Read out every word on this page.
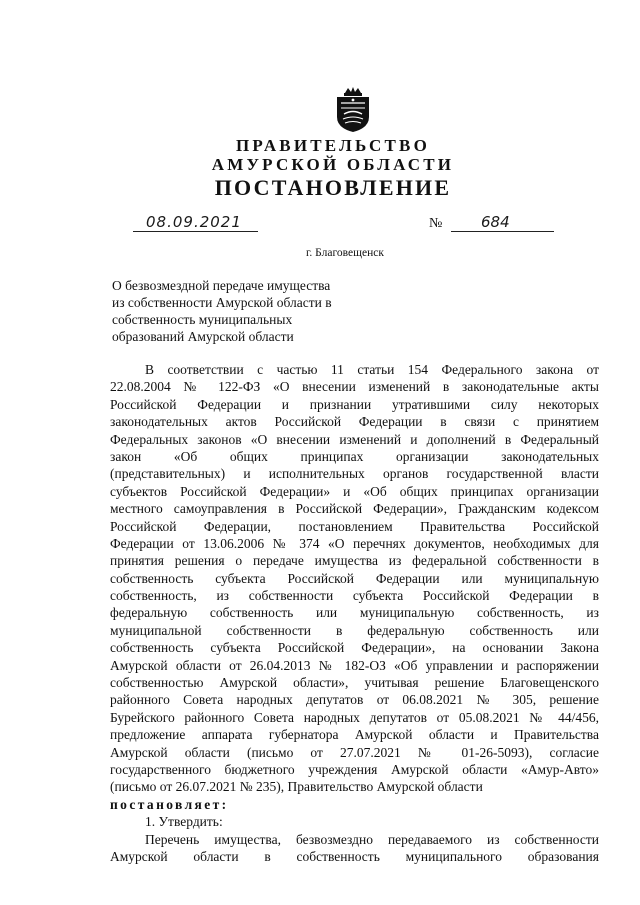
ПРАВИТЕЛЬСТВО
АМУРСКОЙ ОБЛАСТИ
ПОСТАНОВЛЕНИЕ
08.09.2021	№	684
г. Благовещенск
О безвозмездной передаче имущества
из собственности Амурской области в
собственность муниципальных
образований Амурской области
В соответствии с частью 11 статьи 154 Федерального закона от
22.08.2004 № 122-ФЗ «О внесении изменений в законодательные акты
Российской Федерации и признании утратившими силу некоторых
законодательных актов Российской Федерации в связи с принятием
Федеральных законов «О внесении изменений и дополнений в Федеральный
закон «Об общих принципах организации законодательных
(представительных) и исполнительных органов государственной власти
субъектов Российской Федерации» и «Об общих принципах организации
местного самоуправления в Российской Федерации», Гражданским кодексом
Российской Федерации, постановлением Правительства Российской
Федерации от 13.06.2006 № 374 «О перечнях документов, необходимых для
принятия решения о передаче имущества из федеральной собственности в
собственность субъекта Российской Федерации или муниципальную
собственность, из собственности субъекта Российской Федерации в
федеральную собственность или муниципальную собственность, из
муниципальной собственности в федеральную собственность или
собственность субъекта Российской Федерации», на основании Закона
Амурской области от 26.04.2013 № 182-ОЗ «Об управлении и распоряжении
собственностью Амурской области», учитывая решение Благовещенского
районного Совета народных депутатов от 06.08.2021 № 305, решение
Бурейского районного Совета народных депутатов от 05.08.2021 № 44/456,
предложение аппарата губернатора Амурской области и Правительства
Амурской области (письмо от 27.07.2021 № 01-26-5093), согласие
государственного бюджетного учреждения Амурской области «Амур-Авто»
(письмо от 26.07.2021 № 235), Правительство Амурской области
постановляет:
1. Утвердить:
Перечень имущества, безвозмездно передаваемого из собственности
Амурской области в собственность муниципального образования
